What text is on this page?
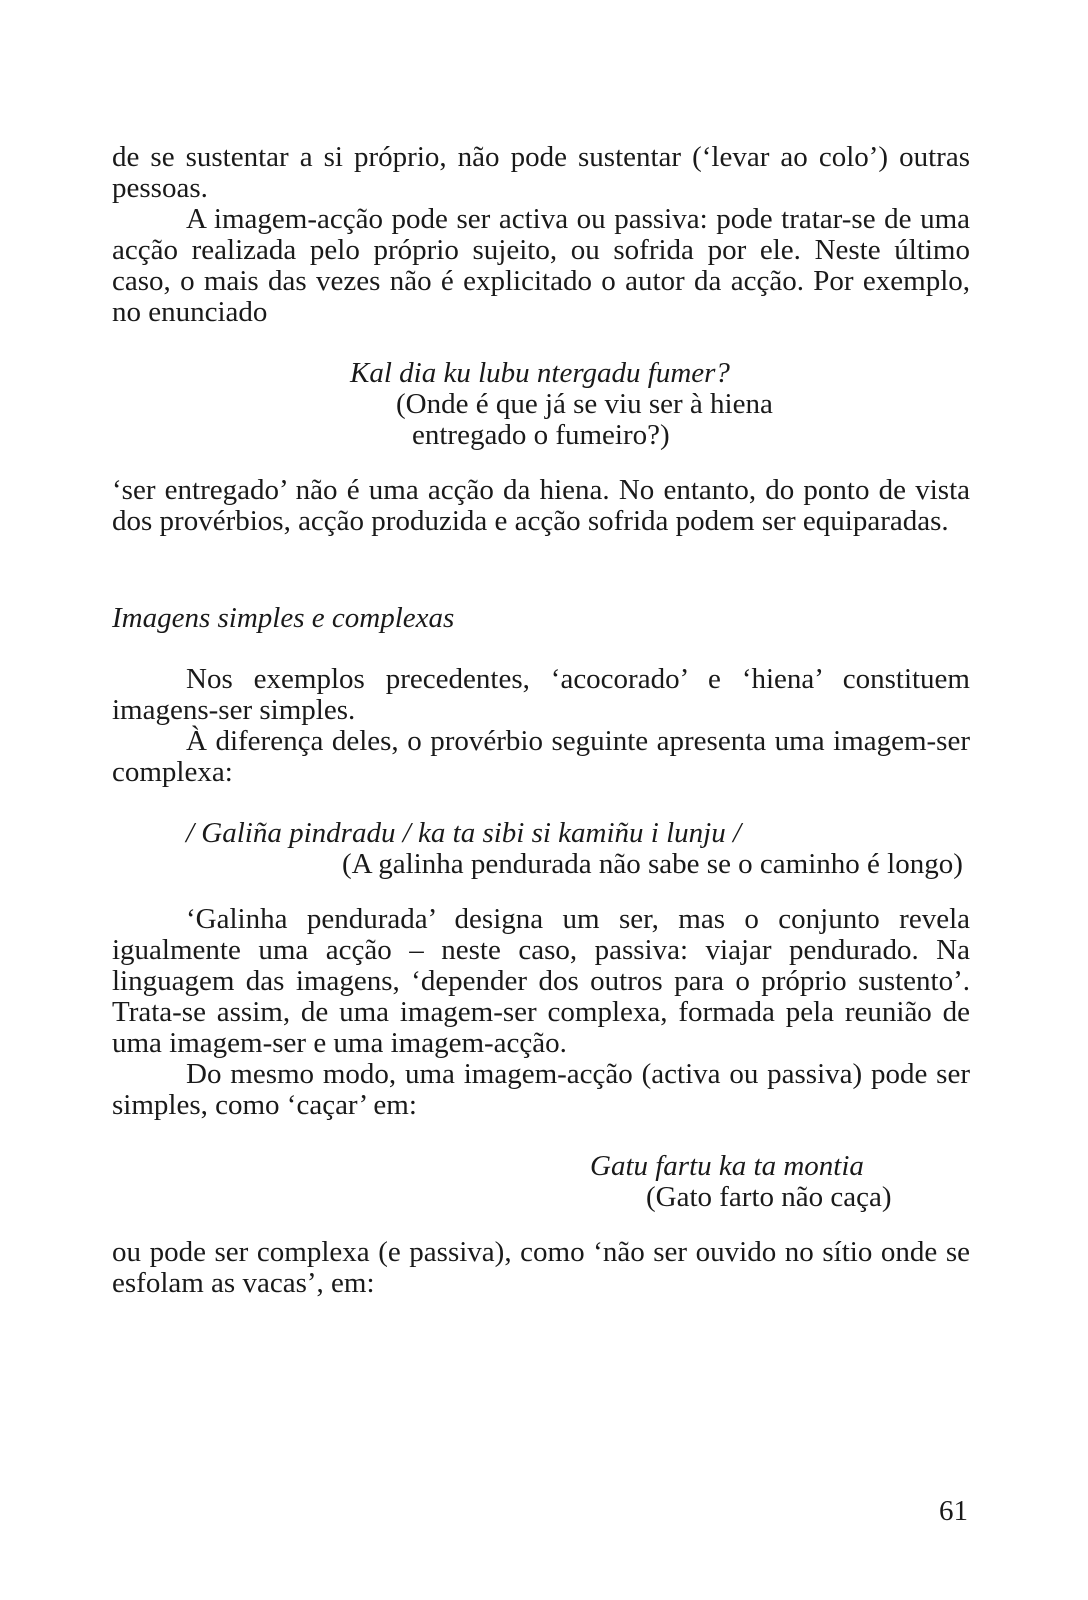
de se sustentar a si próprio, não pode sustentar (‘levar ao colo’) outras pessoas.

A imagem-acção pode ser activa ou passiva: pode tratar-se de uma acção realizada pelo próprio sujeito, ou sofrida por ele. Neste último caso, o mais das vezes não é explicitado o autor da acção. Por exemplo, no enunciado

Kal dia ku lubu ntergadu fumer?
(Onde é que já se viu ser à hiena
entregado o fumeiro?)

‘ser entregado’ não é uma acção da hiena. No entanto, do ponto de vista dos provérbios, acção produzida e acção sofrida podem ser equiparadas.

Imagens simples e complexas

Nos exemplos precedentes, ‘acocorado’ e ‘hiena’ constituem imagens-ser simples.

À diferença deles, o provérbio seguinte apresenta uma imagem-ser complexa:

/ Galiña pindradu / ka ta sibi si kamiñu i lunju /
(A galinha pendurada não sabe se o caminho é longo)

‘Galinha pendurada’ designa um ser, mas o conjunto revela igualmente uma acção – neste caso, passiva: viajar pendurado. Na linguagem das imagens, ‘depender dos outros para o próprio sustento’. Trata-se assim, de uma imagem-ser complexa, formada pela reunião de uma imagem-ser e uma imagem-acção.

Do mesmo modo, uma imagem-acção (activa ou passiva) pode ser simples, como ‘caçar’ em:

Gatu fartu ka ta montia
(Gato farto não caça)

ou pode ser complexa (e passiva), como ‘não ser ouvido no sítio onde se esfolam as vacas’, em:

61
